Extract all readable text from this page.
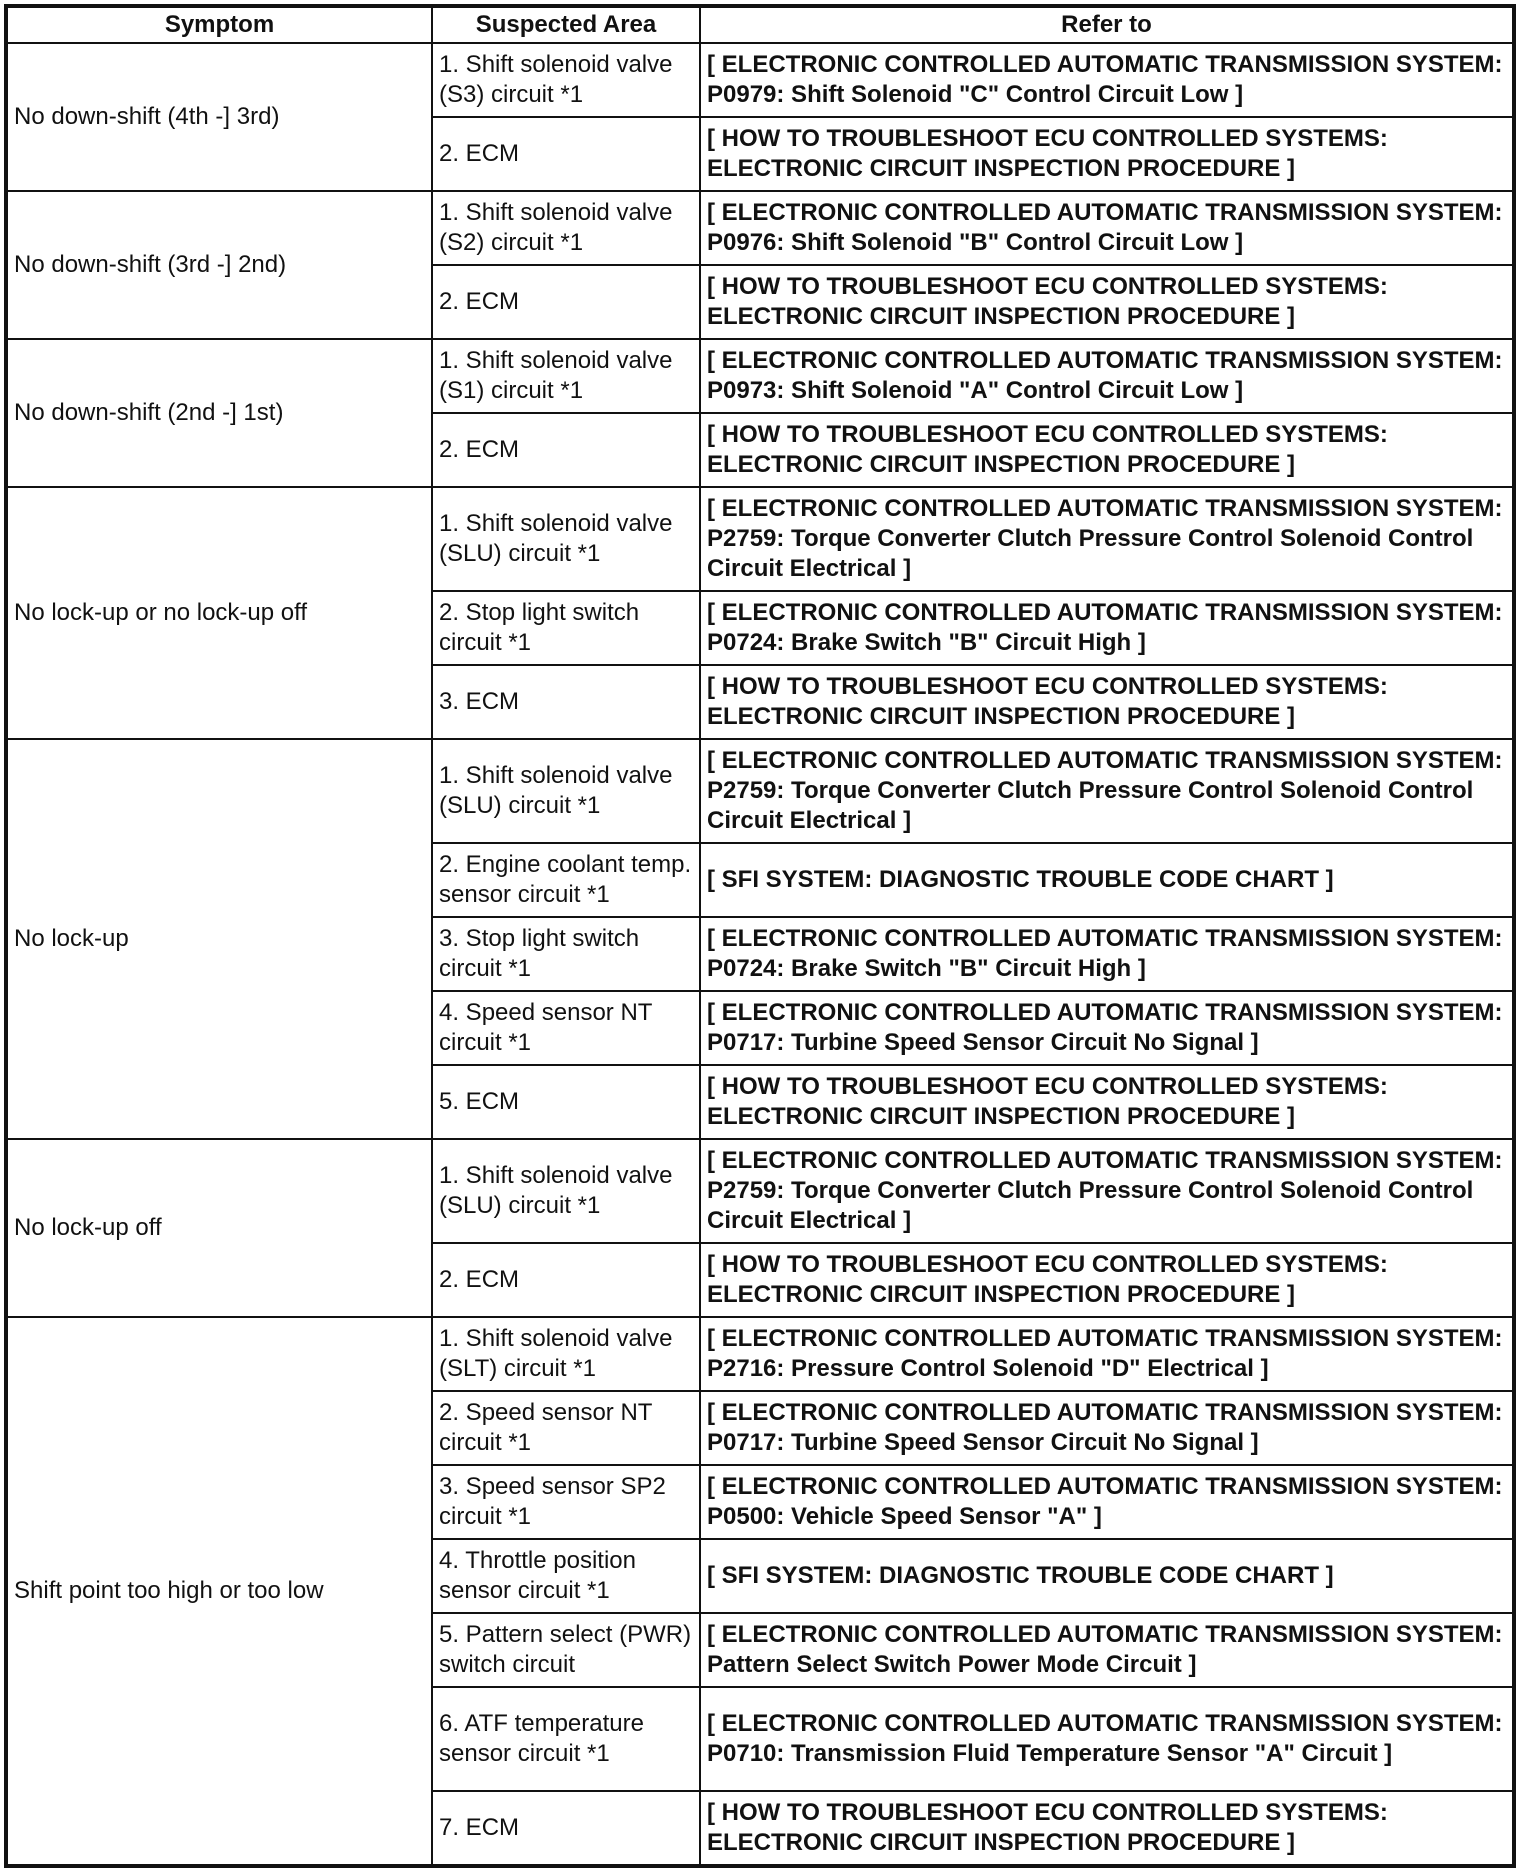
Symptom	Suspected Area	Refer to
No down-shift (4th -] 3rd)	1. Shift solenoid valve (S3) circuit *1	[ ELECTRONIC CONTROLLED AUTOMATIC TRANSMISSION SYSTEM: P0979: Shift Solenoid "C" Control Circuit Low ]
	2. ECM	[ HOW TO TROUBLESHOOT ECU CONTROLLED SYSTEMS: ELECTRONIC CIRCUIT INSPECTION PROCEDURE ]
No down-shift (3rd -] 2nd)	1. Shift solenoid valve (S2) circuit *1	[ ELECTRONIC CONTROLLED AUTOMATIC TRANSMISSION SYSTEM: P0976: Shift Solenoid "B" Control Circuit Low ]
	2. ECM	[ HOW TO TROUBLESHOOT ECU CONTROLLED SYSTEMS: ELECTRONIC CIRCUIT INSPECTION PROCEDURE ]
No down-shift (2nd -] 1st)	1. Shift solenoid valve (S1) circuit *1	[ ELECTRONIC CONTROLLED AUTOMATIC TRANSMISSION SYSTEM: P0973: Shift Solenoid "A" Control Circuit Low ]
	2. ECM	[ HOW TO TROUBLESHOOT ECU CONTROLLED SYSTEMS: ELECTRONIC CIRCUIT INSPECTION PROCEDURE ]
No lock-up or no lock-up off	1. Shift solenoid valve (SLU) circuit *1	[ ELECTRONIC CONTROLLED AUTOMATIC TRANSMISSION SYSTEM: P2759: Torque Converter Clutch Pressure Control Solenoid Control Circuit Electrical ]
	2. Stop light switch circuit *1	[ ELECTRONIC CONTROLLED AUTOMATIC TRANSMISSION SYSTEM: P0724: Brake Switch "B" Circuit High ]
	3. ECM	[ HOW TO TROUBLESHOOT ECU CONTROLLED SYSTEMS: ELECTRONIC CIRCUIT INSPECTION PROCEDURE ]
No lock-up	1. Shift solenoid valve (SLU) circuit *1	[ ELECTRONIC CONTROLLED AUTOMATIC TRANSMISSION SYSTEM: P2759: Torque Converter Clutch Pressure Control Solenoid Control Circuit Electrical ]
	2. Engine coolant temp. sensor circuit *1	[ SFI SYSTEM: DIAGNOSTIC TROUBLE CODE CHART ]
	3. Stop light switch circuit *1	[ ELECTRONIC CONTROLLED AUTOMATIC TRANSMISSION SYSTEM: P0724: Brake Switch "B" Circuit High ]
	4. Speed sensor NT circuit *1	[ ELECTRONIC CONTROLLED AUTOMATIC TRANSMISSION SYSTEM: P0717: Turbine Speed Sensor Circuit No Signal ]
	5. ECM	[ HOW TO TROUBLESHOOT ECU CONTROLLED SYSTEMS: ELECTRONIC CIRCUIT INSPECTION PROCEDURE ]
No lock-up off	1. Shift solenoid valve (SLU) circuit *1	[ ELECTRONIC CONTROLLED AUTOMATIC TRANSMISSION SYSTEM: P2759: Torque Converter Clutch Pressure Control Solenoid Control Circuit Electrical ]
	2. ECM	[ HOW TO TROUBLESHOOT ECU CONTROLLED SYSTEMS: ELECTRONIC CIRCUIT INSPECTION PROCEDURE ]
Shift point too high or too low	1. Shift solenoid valve (SLT) circuit *1	[ ELECTRONIC CONTROLLED AUTOMATIC TRANSMISSION SYSTEM: P2716: Pressure Control Solenoid "D" Electrical ]
	2. Speed sensor NT circuit *1	[ ELECTRONIC CONTROLLED AUTOMATIC TRANSMISSION SYSTEM: P0717: Turbine Speed Sensor Circuit No Signal ]
	3. Speed sensor SP2 circuit *1	[ ELECTRONIC CONTROLLED AUTOMATIC TRANSMISSION SYSTEM: P0500: Vehicle Speed Sensor "A" ]
	4. Throttle position sensor circuit *1	[ SFI SYSTEM: DIAGNOSTIC TROUBLE CODE CHART ]
	5. Pattern select (PWR) switch circuit	[ ELECTRONIC CONTROLLED AUTOMATIC TRANSMISSION SYSTEM: Pattern Select Switch Power Mode Circuit ]
	6. ATF temperature sensor circuit *1	[ ELECTRONIC CONTROLLED AUTOMATIC TRANSMISSION SYSTEM: P0710: Transmission Fluid Temperature Sensor "A" Circuit ]
	7. ECM	[ HOW TO TROUBLESHOOT ECU CONTROLLED SYSTEMS: ELECTRONIC CIRCUIT INSPECTION PROCEDURE ]
